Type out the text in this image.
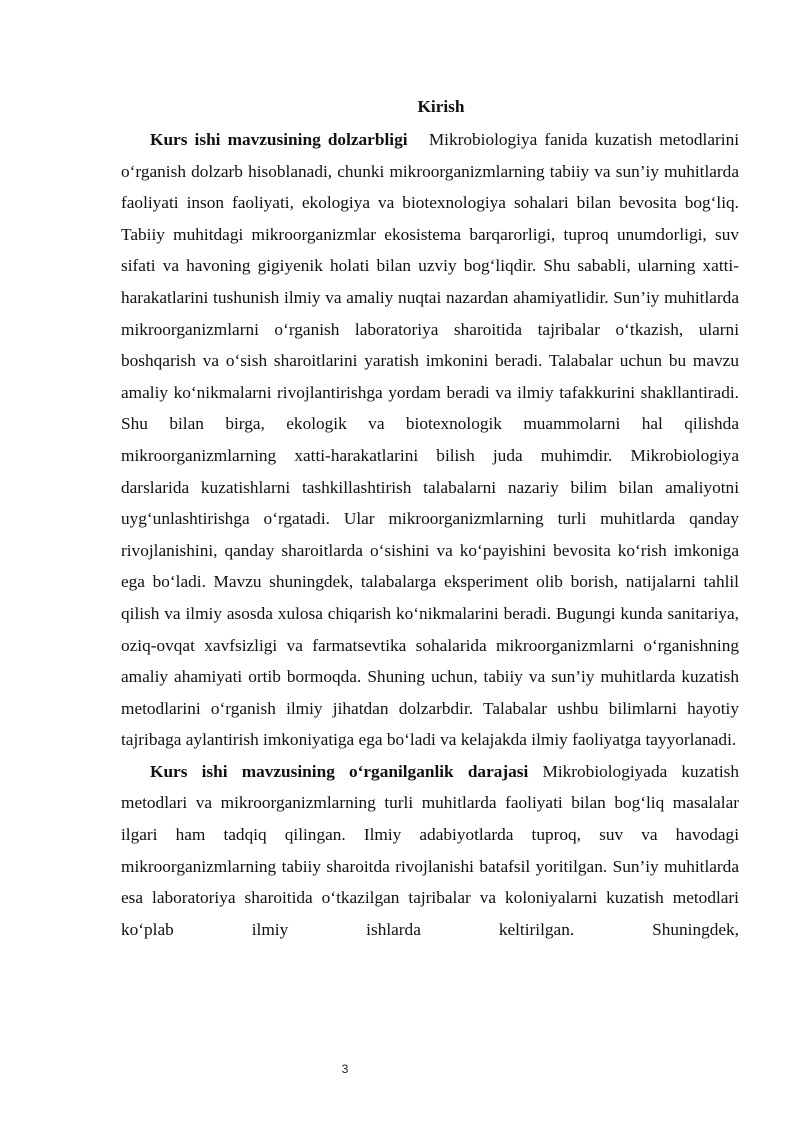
Kirish

Kurs ishi mavzusining dolzarbligi Mikrobiologiya fanida kuzatish metodlarini o‘rganish dolzarb hisoblanadi, chunki mikroorganizmlarning tabiiy va sun’iy muhitlarda faoliyati inson faoliyati, ekologiya va biotexnologiya sohalari bilan bevosita bog‘liq. Tabiiy muhitdagi mikroorganizmlar ekosistema barqarorligi, tuproq unumdorligi, suv sifati va havoning gigiyenik holati bilan uzviy bog‘liqdir. Shu sababli, ularning xatti-harakatlarini tushunish ilmiy va amaliy nuqtai nazardan ahamiyatlidir. Sun’iy muhitlarda mikroorganizmlarni o‘rganish laboratoriya sharoitida tajribalar o‘tkazish, ularni boshqarish va o‘sish sharoitlarini yaratish imkonini beradi. Talabalar uchun bu mavzu amaliy ko‘nikmalarni rivojlantirishga yordam beradi va ilmiy tafakkurini shakllantiradi. Shu bilan birga, ekologik va biotexnologik muammolarni hal qilishda mikroorganizmlarning xatti-harakatlarini bilish juda muhimdir. Mikrobiologiya darslarida kuzatishlarni tashkillashtirish talabalarni nazariy bilim bilan amaliyotni uyg‘unlashtirishga o‘rgatadi. Ular mikroorganizmlarning turli muhitlarda qanday rivojlanishini, qanday sharoitlarda o‘sishini va ko‘payishini bevosita ko‘rish imkoniga ega bo‘ladi. Mavzu shuningdek, talabalarga eksperiment olib borish, natijalarni tahlil qilish va ilmiy asosda xulosa chiqarish ko‘nikmalarini beradi. Bugungi kunda sanitariya, oziq-ovqat xavfsizligi va farmatsevtika sohalarida mikroorganizmlarni o‘rganishning amaliy ahamiyati ortib bormoqda. Shuning uchun, tabiiy va sun’iy muhitlarda kuzatish metodlarini o‘rganish ilmiy jihatdan dolzarbdir. Talabalar ushbu bilimlarni hayotiy tajribaga aylantirish imkoniyatiga ega bo‘ladi va kelajakda ilmiy faoliyatga tayyorlanadi.

Kurs ishi mavzusining o‘rganilganlik darajasi Mikrobiologiyada kuzatish metodlari va mikroorganizmlarning turli muhitlarda faoliyati bilan bog‘liq masalalar ilgari ham tadqiq qilingan. Ilmiy adabiyotlarda tuproq, suv va havodagi mikroorganizmlarning tabiiy sharoitda rivojlanishi batafsil yoritilgan. Sun’iy muhitlarda esa laboratoriya sharoitida o‘tkazilgan tajribalar va koloniyalarni kuzatish metodlari ko‘plab ilmiy ishlarda keltirilgan. Shuningdek,

3
